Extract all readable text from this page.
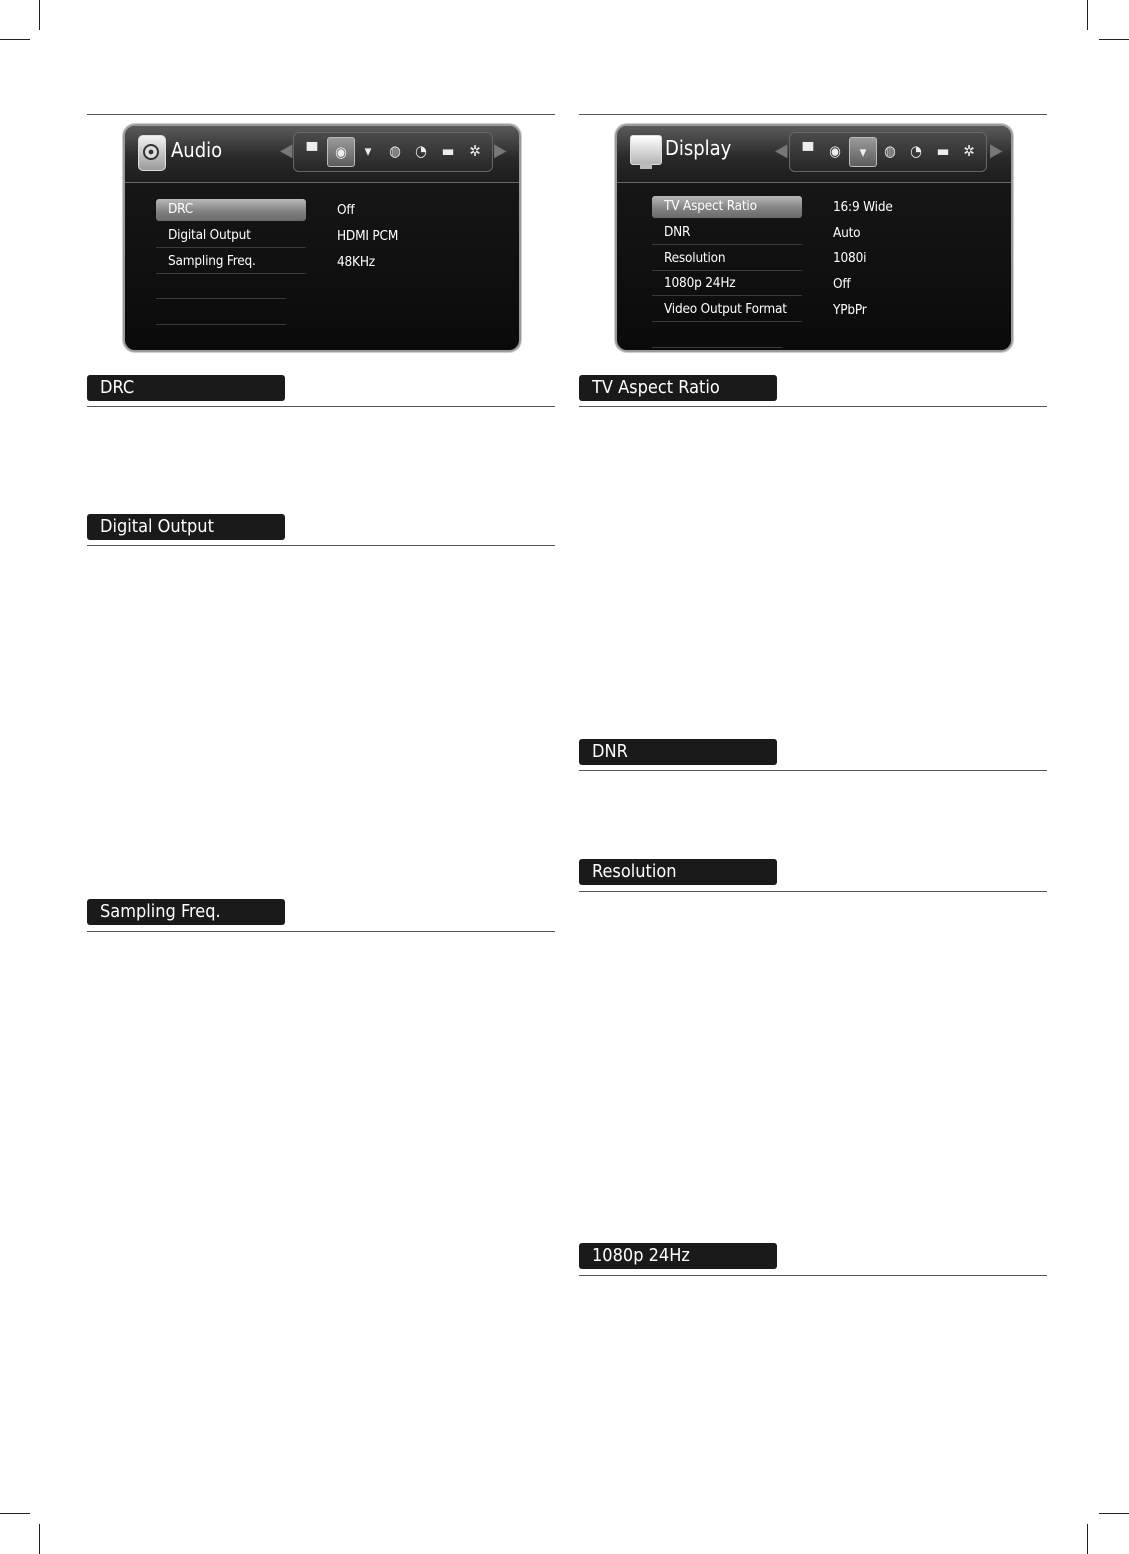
Audio	◀ ▀	◉	▾	◍ ◔ ▬ ✲ ▶
DRC	Off
Digital Output	HDMI PCM
Sampling Freq.	48KHz
Display ◀	▀	◉	▾	◍ ◔ ▬ ✲ ▶
TV Aspect Ratio	16:9 Wide
DNR	Auto
Resolution	1080i
1080p 24Hz	Off
Video Output Format	YPbPr
DRC
Digital Output
Sampling Freq.
TV Aspect Ratio
DNR
Resolution
1080p 24Hz
